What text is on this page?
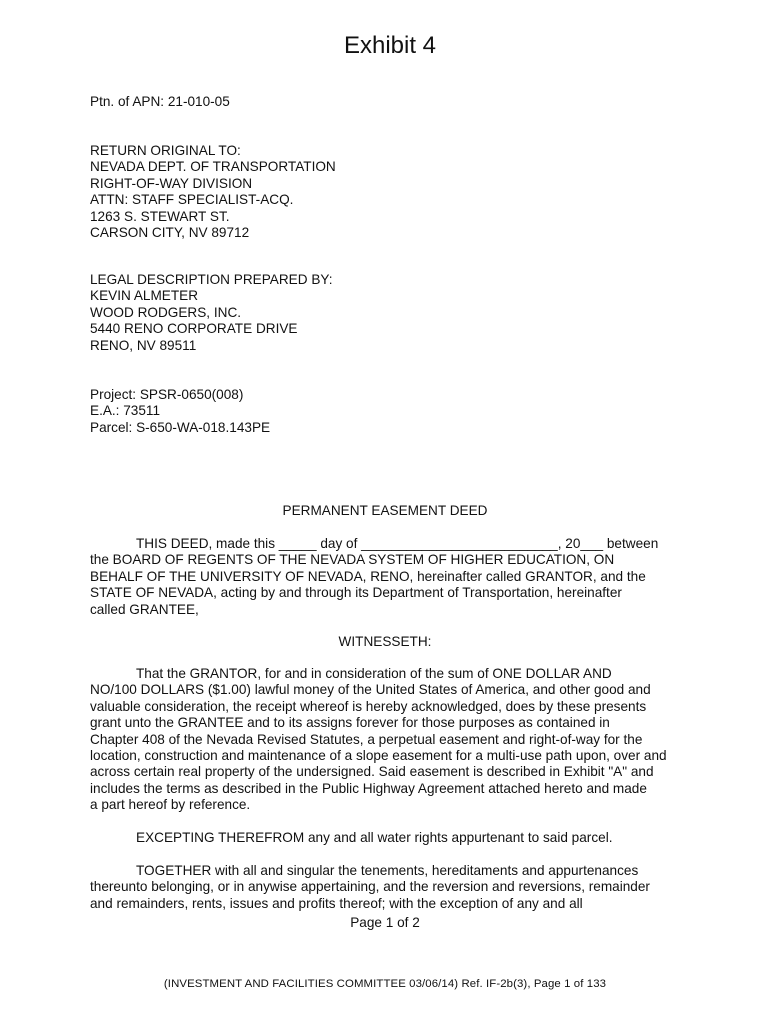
Exhibit 4
Ptn. of APN: 21-010-05
RETURN ORIGINAL TO:
NEVADA DEPT. OF TRANSPORTATION
RIGHT-OF-WAY DIVISION
ATTN: STAFF SPECIALIST-ACQ.
1263 S. STEWART ST.
CARSON CITY, NV 89712
LEGAL DESCRIPTION PREPARED BY:
KEVIN ALMETER
WOOD RODGERS, INC.
5440 RENO CORPORATE DRIVE
RENO, NV 89511
Project: SPSR-0650(008)
E.A.: 73511
Parcel: S-650-WA-018.143PE
PERMANENT EASEMENT DEED
THIS DEED, made this _____ day of __________________________, 20___ between
the BOARD OF REGENTS OF THE NEVADA SYSTEM OF HIGHER EDUCATION, ON
BEHALF OF THE UNIVERSITY OF NEVADA, RENO, hereinafter called GRANTOR, and the
STATE OF NEVADA, acting by and through its Department of Transportation, hereinafter
called GRANTEE,
WITNESSETH:
That the GRANTOR, for and in consideration of the sum of ONE DOLLAR AND
NO/100 DOLLARS ($1.00) lawful money of the United States of America, and other good and
valuable consideration, the receipt whereof is hereby acknowledged, does by these presents
grant unto the GRANTEE and to its assigns forever for those purposes as contained in
Chapter 408 of the Nevada Revised Statutes, a perpetual easement and right-of-way for the
location, construction and maintenance of a slope easement for a multi-use path upon, over and
across certain real property of the undersigned. Said easement is described in Exhibit "A" and
includes the terms as described in the Public Highway Agreement attached hereto and made
a part hereof by reference.
EXCEPTING THEREFROM any and all water rights appurtenant to said parcel.
TOGETHER with all and singular the tenements, hereditaments and appurtenances
thereunto belonging, or in anywise appertaining, and the reversion and reversions, remainder
and remainders, rents, issues and profits thereof; with the exception of any and all
Page 1 of 2
(INVESTMENT AND FACILITIES COMMITTEE 03/06/14) Ref. IF-2b(3), Page 1 of 133
